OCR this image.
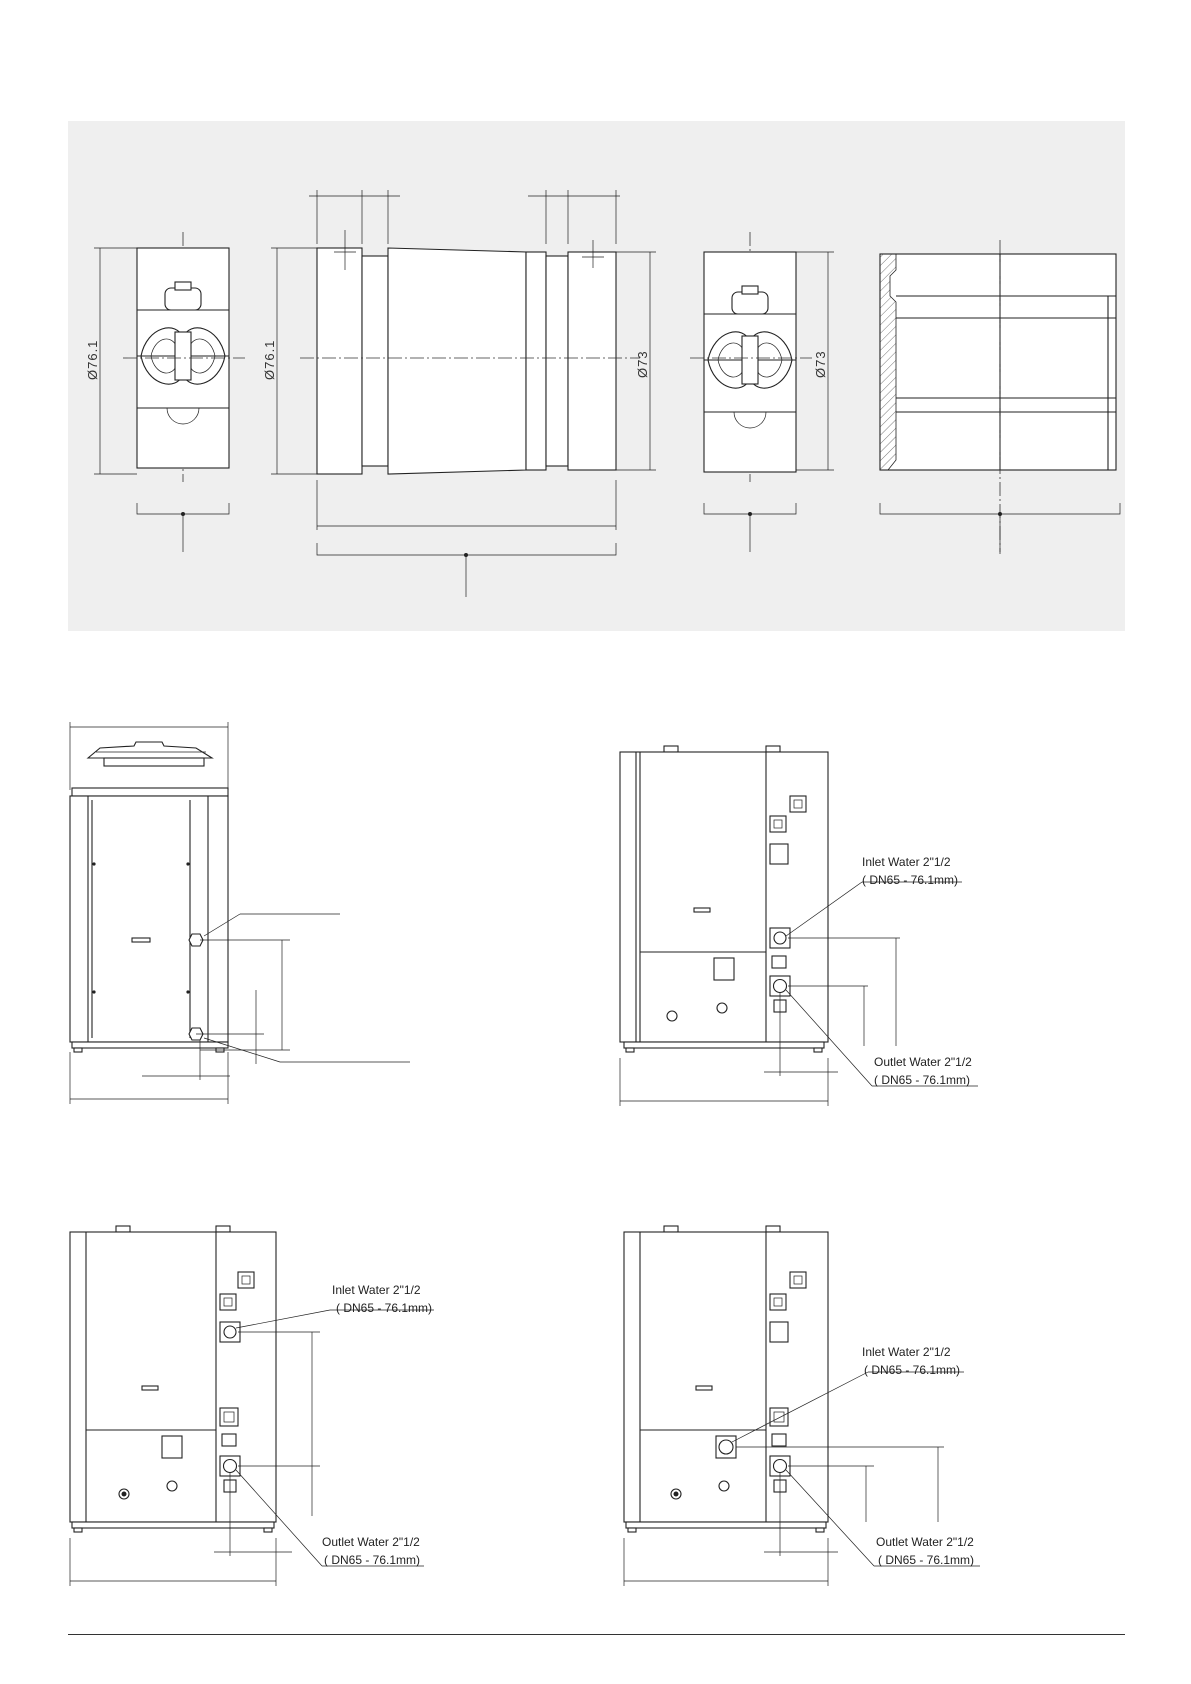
Ø76.1	Ø76.1	Ø73	Ø73
Inlet Water 2"1/2
( DN65 - 76.1mm)
Outlet Water 2"1/2
( DN65 - 76.1mm)
Inlet Water 2"1/2
( DN65 - 76.1mm)
Outlet Water 2"1/2
( DN65 - 76.1mm)
Inlet Water 2"1/2
( DN65 - 76.1mm)
Outlet Water 2"1/2
( DN65 - 76.1mm)
